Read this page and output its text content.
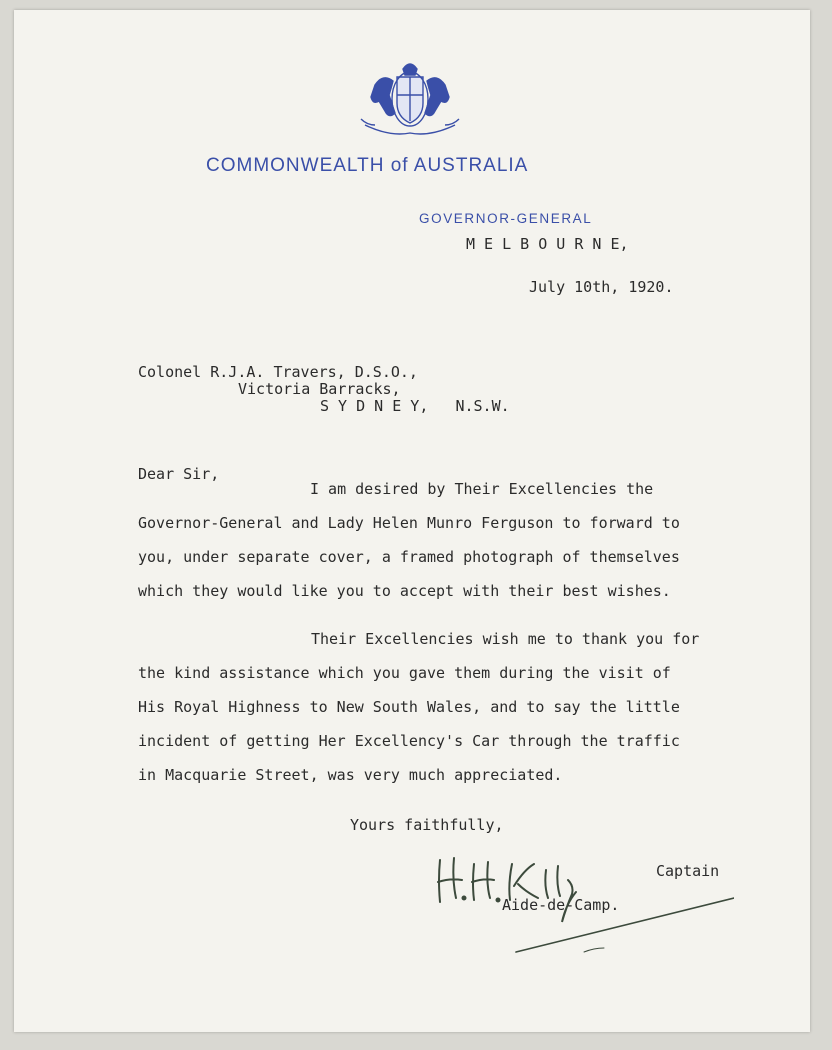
COMMONWEALTH of AUSTRALIA
GOVERNOR-GENERAL
M E L B O U R N E,
July 10th, 1920.
Colonel R.J.A. Travers, D.S.O.,
Victoria Barracks,
S Y D N E Y,   N.S.W.
Dear Sir,
I am desired by Their Excellencies the
Governor-General and Lady Helen Munro Ferguson to forward to
you, under separate cover, a framed photograph of themselves
which they would like you to accept with their best wishes.
Their Excellencies wish me to thank you for
the kind assistance which you gave them during the visit of
His Royal Highness to New South Wales, and to say the little
incident of getting Her Excellency's Car through the traffic
in Macquarie Street, was very much appreciated.
Yours faithfully,
Captain
Aide-de-Camp.
